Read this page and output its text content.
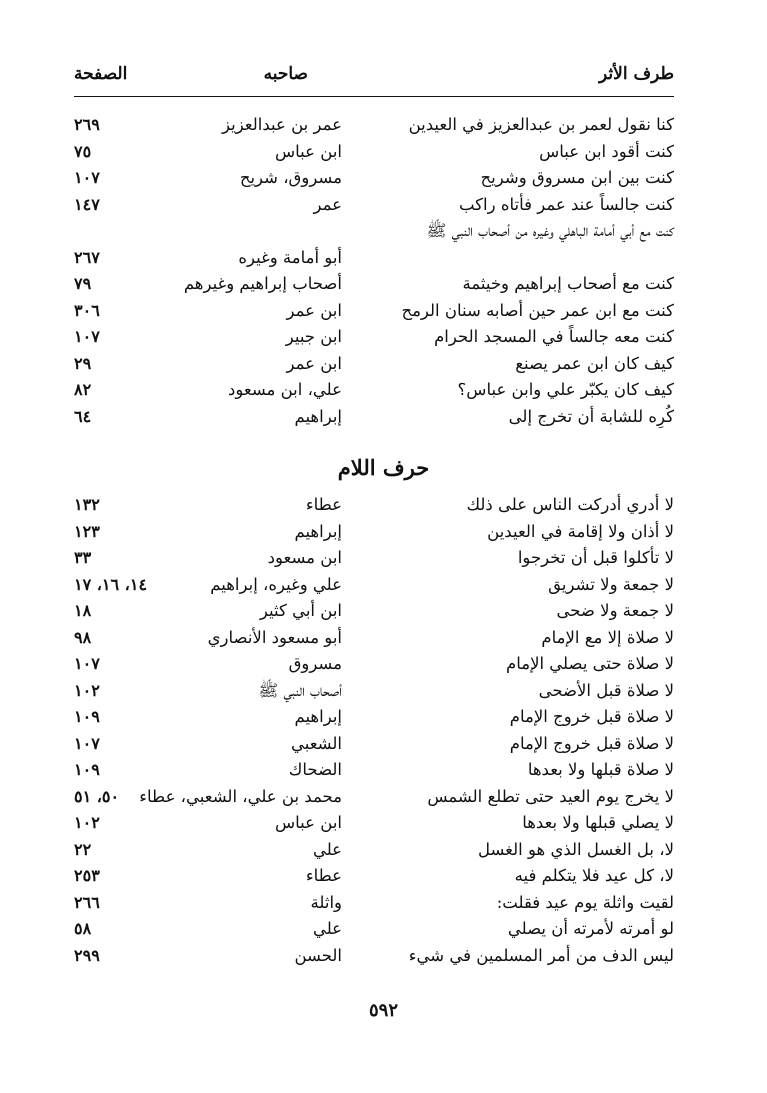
طرف الأثر
صاحبه
الصفحة
كنا نقول لعمر بن عبدالعزيز في العيدين
عمر بن عبدالعزيز
٢٦٩
كنت أقود ابن عباس
ابن عباس
٧٥
كنت بين ابن مسروق وشريح
مسروق، شريح
١٠٧
كنت جالساً عند عمر فأتاه راكب
عمر
١٤٧
كنت مع أبي أمامة الباهلي وغيره من أصحاب النبي ﷺ
أبو أمامة وغيره
٢٦٧
كنت مع أصحاب إبراهيم وخيثمة
أصحاب إبراهيم وغيرهم
٧٩
كنت مع ابن عمر حين أصابه سنان الرمح
ابن عمر
٣٠٦
كنت معه جالساً في المسجد الحرام
ابن جبير
١٠٧
كيف كان ابن عمر يصنع
ابن عمر
٢٩
كيف كان يكبّر علي وابن عباس؟
علي، ابن مسعود
٨٢
كُرِه للشابة أن تخرج إلى
إبراهيم
٦٤
حرف اللام
لا أدري أدركت الناس على ذلك
عطاء
١٣٢
لا أذان ولا إقامة في العيدين
إبراهيم
١٢٣
لا تأكلوا قبل أن تخرجوا
ابن مسعود
٣٣
لا جمعة ولا تشريق
علي وغيره، إبراهيم
١٤، ١٦، ١٧
لا جمعة ولا ضحى
ابن أبي كثير
١٨
لا صلاة إلا مع الإمام
أبو مسعود الأنصاري
٩٨
لا صلاة حتى يصلي الإمام
مسروق
١٠٧
لا صلاة قبل الأضحى
أصحاب النبي ﷺ
١٠٢
لا صلاة قبل خروج الإمام
إبراهيم
١٠٩
لا صلاة قبل خروج الإمام
الشعبي
١٠٧
لا صلاة قبلها ولا بعدها
الضحاك
١٠٩
لا يخرج يوم العيد حتى تطلع الشمس
محمد بن علي، الشعبي، عطاء
٥٠، ٥١
لا يصلي قبلها ولا بعدها
ابن عباس
١٠٢
لا، بل الغسل الذي هو الغسل
علي
٢٢
لا، كل عيد فلا يتكلم فيه
عطاء
٢٥٣
لقيت واثلة يوم عيد فقلت:
واثلة
٢٦٦
لو أمرته لأمرته أن يصلي
علي
٥٨
ليس الدف من أمر المسلمين في شيء
الحسن
٢٩٩
٥٩٢
